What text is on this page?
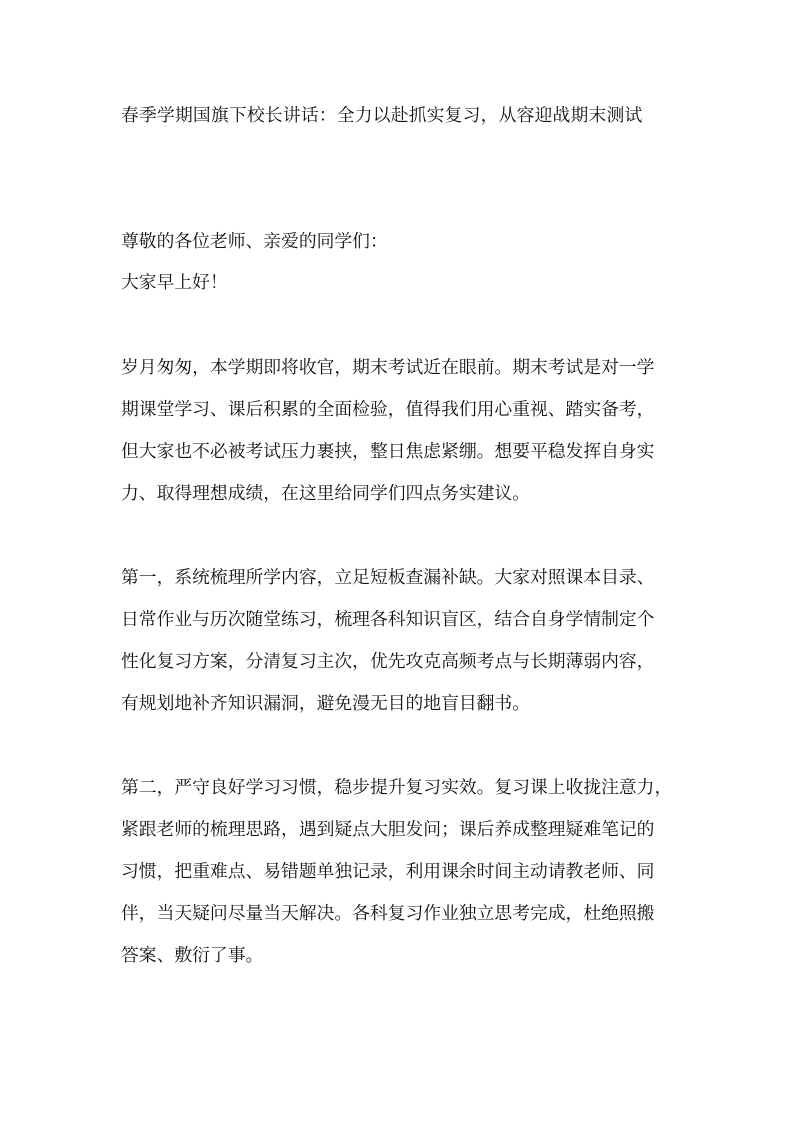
春季学期国旗下校长讲话：全力以赴抓实复习，从容迎战期末测试

尊敬的各位老师、亲爱的同学们：

大家早上好！

岁月匆匆，本学期即将收官，期末考试近在眼前。期末考试是对一学
期课堂学习、课后积累的全面检验，值得我们用心重视、踏实备考，
但大家也不必被考试压力裹挟，整日焦虑紧绷。想要平稳发挥自身实
力、取得理想成绩，在这里给同学们四点务实建议。
第一，系统梳理所学内容，立足短板查漏补缺。大家对照课本目录、
日常作业与历次随堂练习，梳理各科知识盲区，结合自身学情制定个
性化复习方案，分清复习主次，优先攻克高频考点与长期薄弱内容，
有规划地补齐知识漏洞，避免漫无目的地盲目翻书。
第二，严守良好学习习惯，稳步提升复习实效。复习课上收拢注意力，
紧跟老师的梳理思路，遇到疑点大胆发问；课后养成整理疑难笔记的
习惯，把重难点、易错题单独记录，利用课余时间主动请教老师、同
伴，当天疑问尽量当天解决。各科复习作业独立思考完成，杜绝照搬
答案、敷衍了事。
